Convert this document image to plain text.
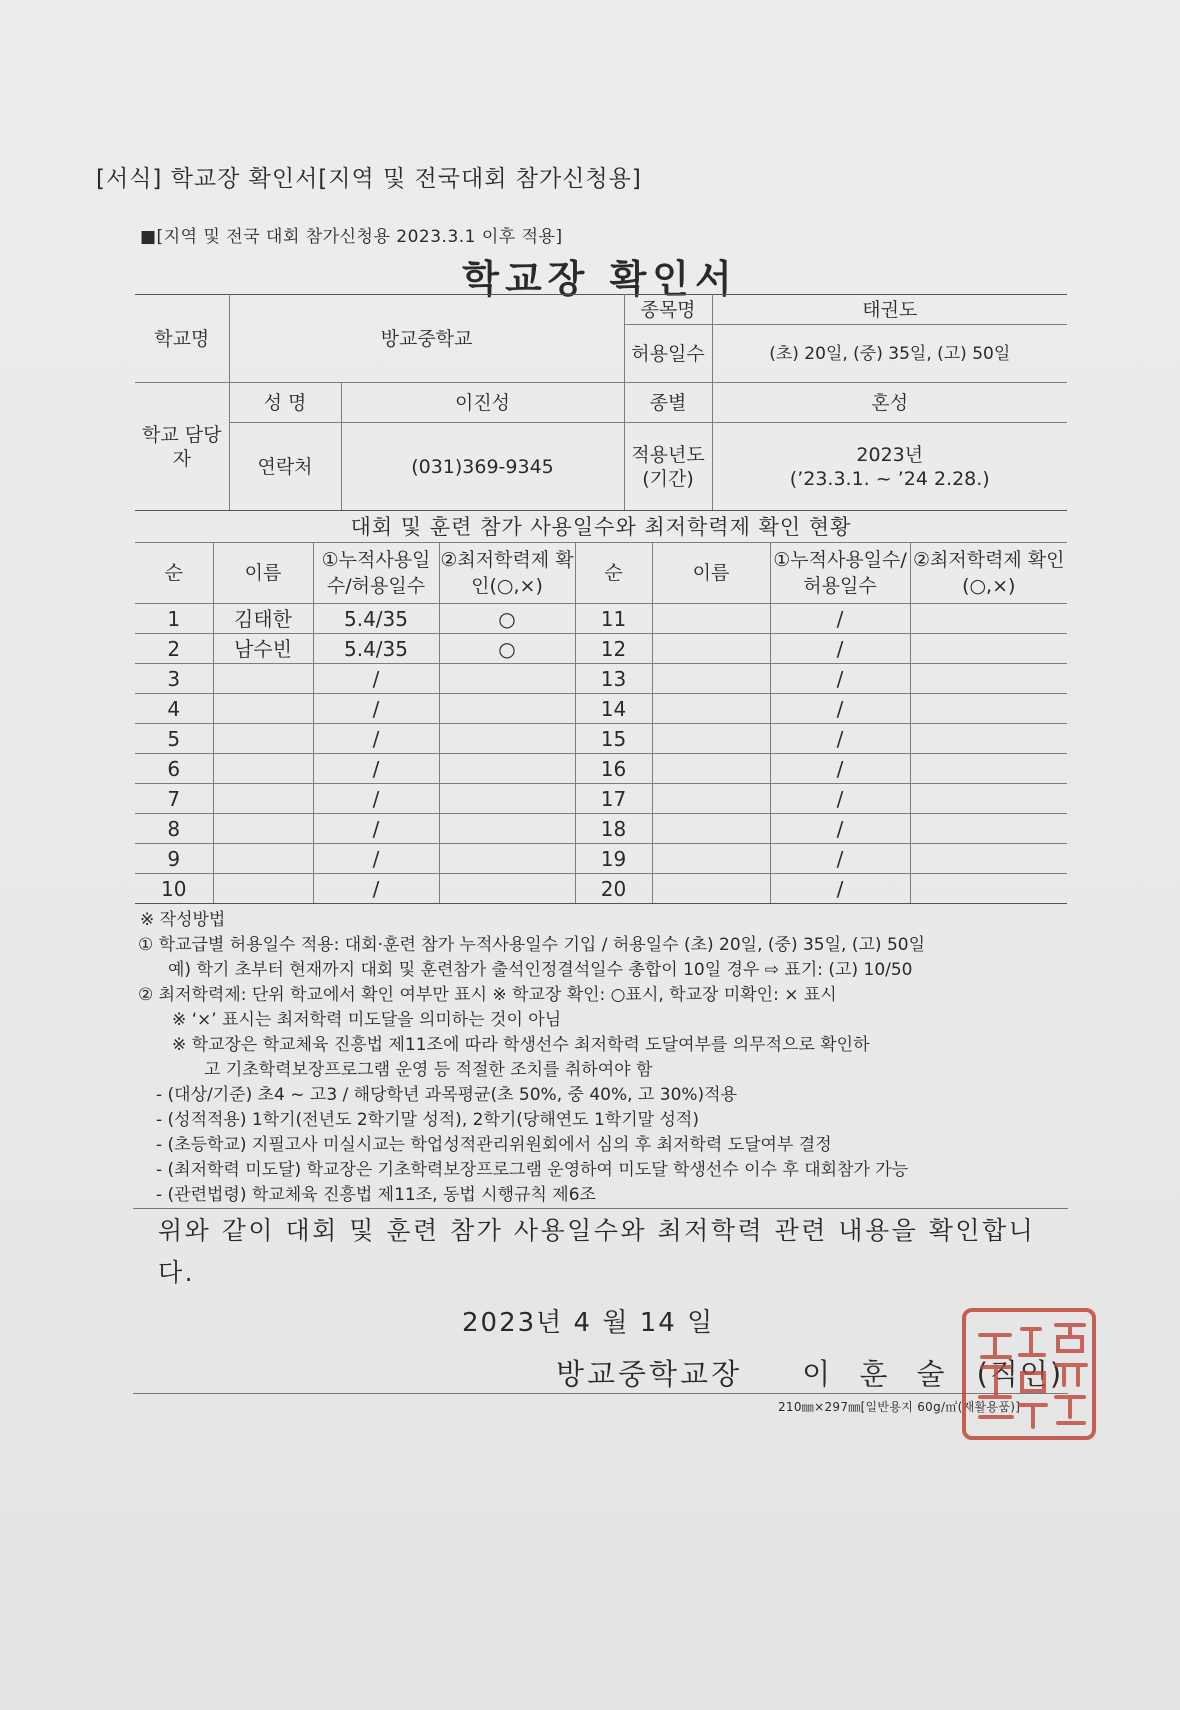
[서식] 학교장 확인서[지역 및 전국대회 참가신청용]
■[지역 및 전국 대회 참가신청용 2023.3.1 이후 적용]
학교장 확인서
학교명	방교중학교		종목명	태권도
			허용일수	(초) 20일, (중) 35일, (고) 50일
학교 담당자	성 명	이진성	종별	혼성
	연락처	(031)369-9345	적용년도 (기간)	2023년
(’23.3.1. ~ ’24 2.28.)
대회 및 훈련 참가 사용일수와 최저학력제 확인 현황
순	이름	①누적사용일수/허용일수	②최저학력제 확인(○,×)	순	이름	①누적사용일수/허용일수	②최저학력제 확인(○,×)
1	김태한	5.4/35	○	11		/	
2	남수빈	5.4/35	○	12		/	
3		/		13		/	
4		/		14		/	
5		/		15		/	
6		/		16		/	
7		/		17		/	
8		/		18		/	
9		/		19		/	
10		/		20		/	
※ 작성방법
① 학교급별 허용일수 적용: 대회·훈련 참가 누적사용일수 기입 / 허용일수 (초) 20일, (중) 35일, (고) 50일
예) 학기 초부터 현재까지 대회 및 훈련참가 출석인정결석일수 총합이 10일 경우 ⇨ 표기: (고) 10/50
② 최저학력제: 단위 학교에서 확인 여부만 표시 ※ 학교장 확인: ○표시, 학교장 미확인: × 표시
※ ‘×’ 표시는 최저학력 미도달을 의미하는 것이 아님
※ 학교장은 학교체육 진흥법 제11조에 따라 학생선수 최저학력 도달여부를 의무적으로 확인하
고 기초학력보장프로그램 운영 등 적절한 조치를 취하여야 함
- (대상/기준) 초4 ~ 고3 / 해당학년 과목평균(초 50%, 중 40%, 고 30%)적용
- (성적적용) 1학기(전년도 2학기말 성적), 2학기(당해연도 1학기말 성적)
- (초등학교) 지필고사 미실시교는 학업성적관리위원회에서 심의 후 최저학력 도달여부 결정
- (최저학력 미도달) 학교장은 기초학력보장프로그램 운영하여 미도달 학생선수 이수 후 대회참가 가능
- (관련법령) 학교체육 진흥법 제11조, 동법 시행규칙 제6조
위와 같이 대회 및 훈련 참가 사용일수와 최저학력 관련 내용을 확인합니다.
2023년 4 월 14 일
방교중학교장 이 훈 술 (직인)
210㎜×297㎜[일반용지 60g/㎡(재활용품)]
